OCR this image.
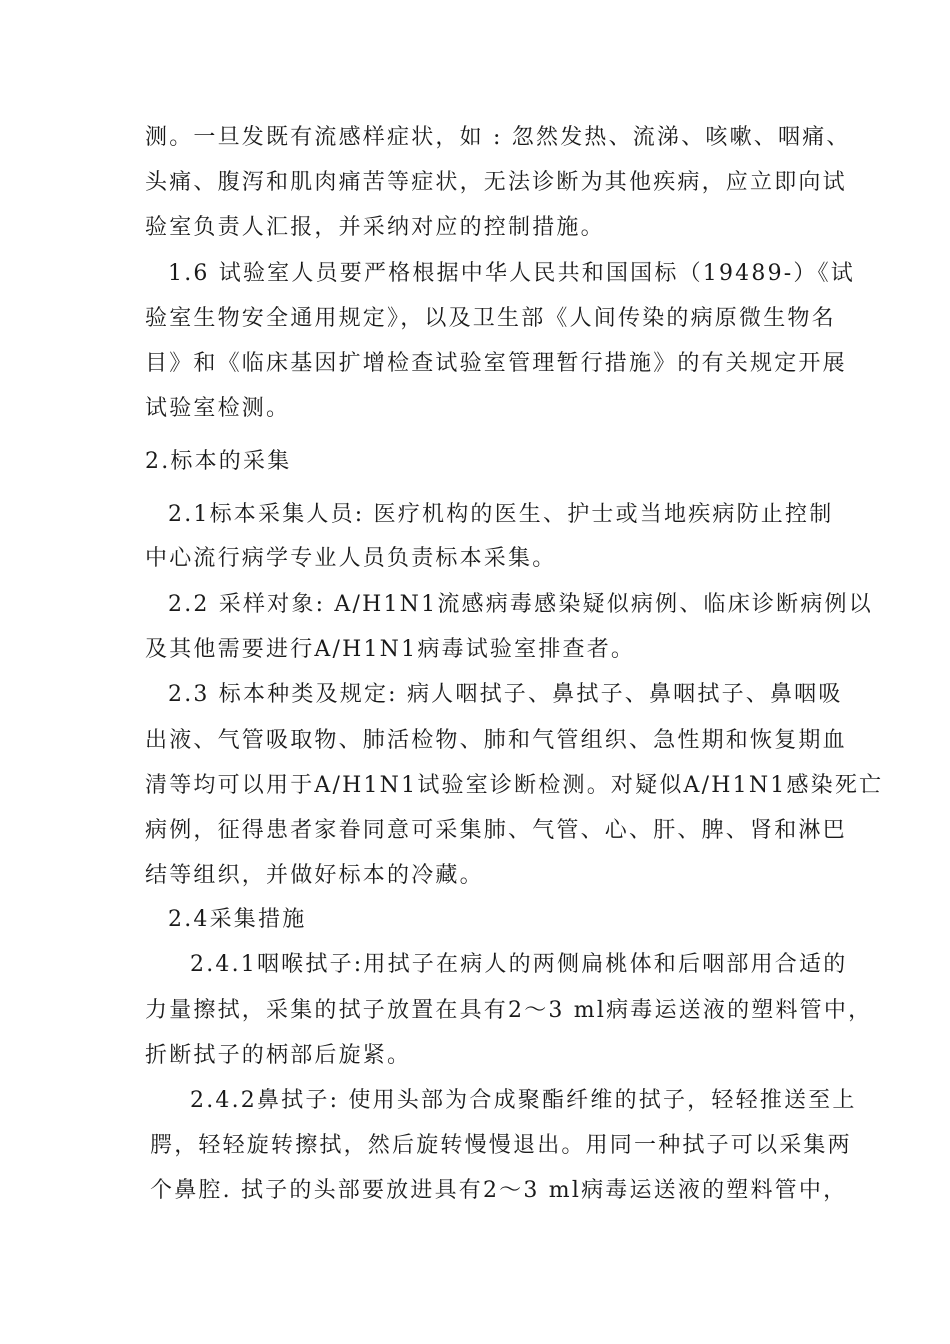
测。一旦发既有流感样症状，如 : 忽然发热、流涕、咳嗽、咽痛、
头痛、腹泻和肌肉痛苦等症状，无法诊断为其他疾病，应立即向试
验室负责人汇报，并采纳对应的控制措施。
1.6 试验室人员要严格根据中华人民共和国国标（19489-）《试
验室生物安全通用规定》，以及卫生部《人间传染的病原微生物名
目》和《临床基因扩增检查试验室管理暂行措施》的有关规定开展
试验室检测。
2.标本的采集
2.1标本采集人员: 医疗机构的医生、护士或当地疾病防止控制
中心流行病学专业人员负责标本采集。
2.2 采样对象: A/H1N1流感病毒感染疑似病例、临床诊断病例以
及其他需要进行A/H1N1病毒试验室排查者。
2.3 标本种类及规定: 病人咽拭子、鼻拭子、鼻咽拭子、鼻咽吸
出液、气管吸取物、肺活检物、肺和气管组织、急性期和恢复期血
清等均可以用于A/H1N1试验室诊断检测。对疑似A/H1N1感染死亡
病例，征得患者家眷同意可采集肺、气管、心、肝、脾、肾和淋巴
结等组织，并做好标本的冷藏。
2.4采集措施
2.4.1咽喉拭子:用拭子在病人的两侧扁桃体和后咽部用合适的
力量擦拭，采集的拭子放置在具有2～3 ml病毒运送液的塑料管中，
折断拭子的柄部后旋紧。
2.4.2鼻拭子: 使用头部为合成聚酯纤维的拭子，轻轻推送至上
腭，轻轻旋转擦拭，然后旋转慢慢退出。用同一种拭子可以采集两
个鼻腔. 拭子的头部要放进具有2～3 ml病毒运送液的塑料管中，
